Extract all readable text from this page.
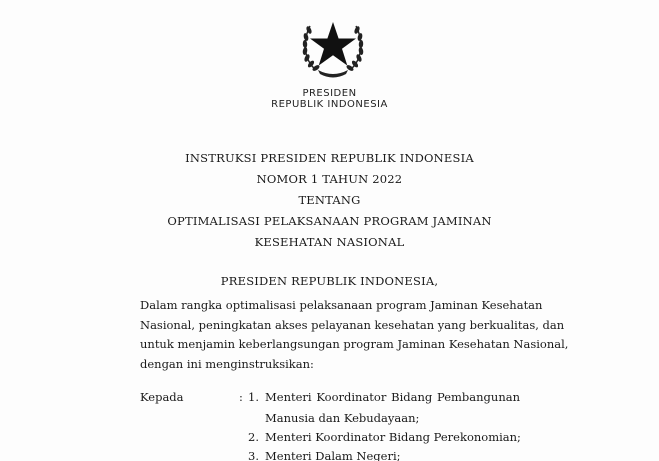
PRESIDEN
REPUBLIK INDONESIA
INSTRUKSI PRESIDEN REPUBLIK INDONESIA
NOMOR 1 TAHUN 2022
TENTANG
OPTIMALISASI PELAKSANAAN PROGRAM JAMINAN
KESEHATAN NASIONAL
PRESIDEN REPUBLIK INDONESIA,
Dalam rangka optimalisasi pelaksanaan program Jaminan Kesehatan
Nasional, peningkatan akses pelayanan kesehatan yang berkualitas, dan
untuk menjamin keberlangsungan program Jaminan Kesehatan Nasional,
dengan ini menginstruksikan:
Kepada	: 1. Menteri Koordinator Bidang Pembangunan
Manusia dan Kebudayaan;
2. Menteri Koordinator Bidang Perekonomian;
3. Menteri Dalam Negeri;
